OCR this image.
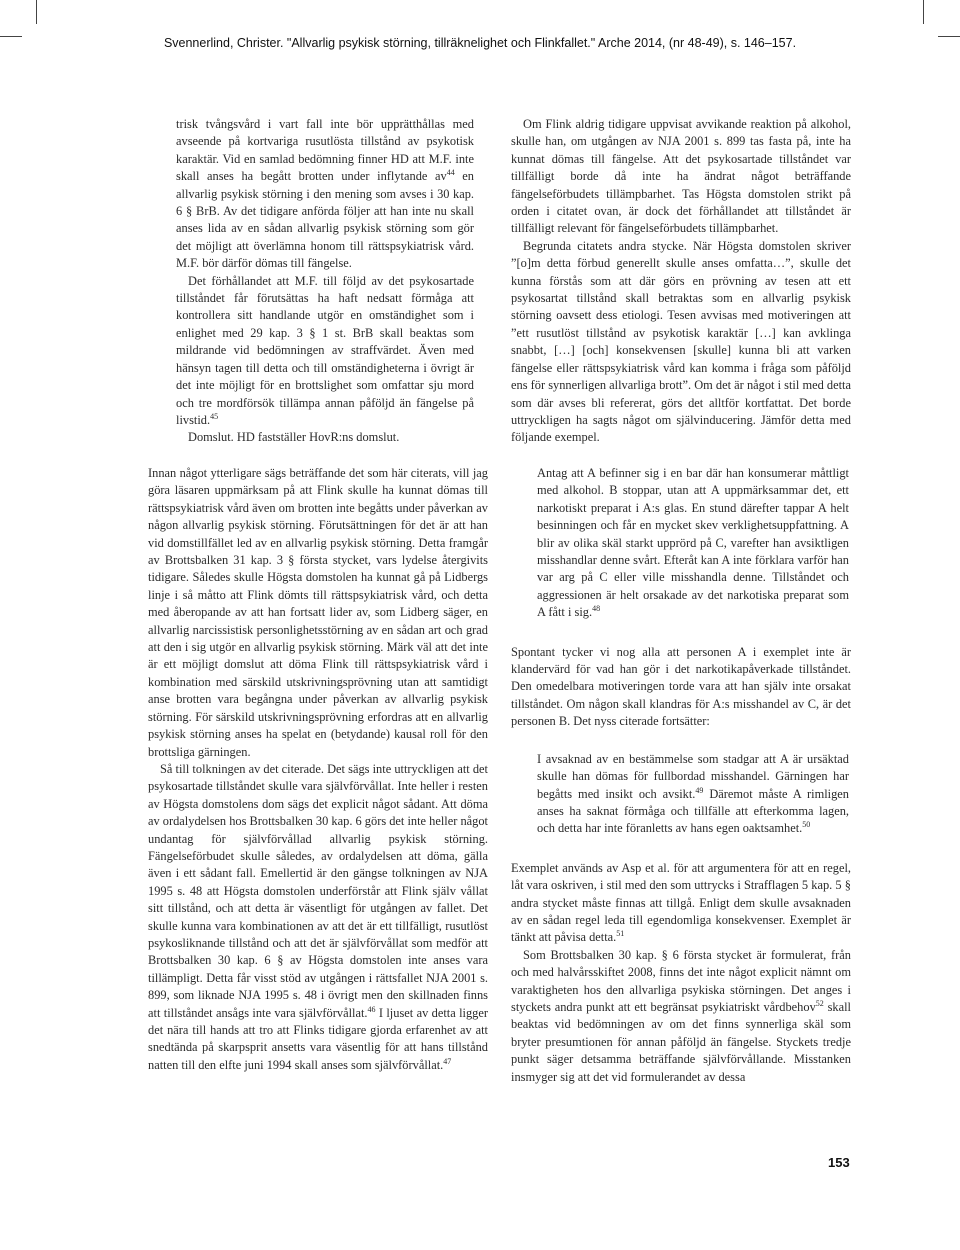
Svennerlind, Christer. "Allvarlig psykisk störning, tillräknelighet och Flinkfallet." Arche 2014, (nr 48-49), s. 146–157.

trisk tvångsvård i vart fall inte bör upprätthållas med avseende på kortvariga rusutlösta tillstånd av psykotisk karaktär. Vid en samlad bedömning finner HD att M.F. inte skall anses ha begått brotten under inflytande $av^{44}$ en allvarlig psykisk störning i den mening som avses i 30 kap. 6 § BrB. Av det tidigare anförda följer att han inte nu skall anses lida av en sådan allvarlig psykisk störning som gör det möjligt att överlämna honom till rättspsykiatrisk vård. M.F. bör därför dömas till fängelse.

Det förhållandet att M.F. till följd av det psykosartade tillståndet får förutsättas ha haft nedsatt förmåga att kontrollera sitt handlande utgör en omständighet som i enlighet med 29 kap. 3 § 1 st. BrB skall beaktas som mildrande vid bedömningen av straffvärdet. Även med hänsyn tagen till detta och till omständigheterna i övrigt är det inte möjligt för en brottslighet som omfattar sju mord och tre mordförsök tillämpa annan påföljd än fängelse på livstid.$^{45}$

Domslut. HD fastställer HovR:ns domslut.

Om Flink aldrig tidigare uppvisat avvikande reaktion på alkohol, skulle han, om utgången av NJA 2001 s. 899 tas fasta på, inte ha kunnat dömas till fängelse. Att det psykosartade tillståndet var tillfälligt borde då inte ha ändrat något beträffande fängelseförbudets tillämpbarhet. Tas Högsta domstolen strikt på orden i citatet ovan, är dock det förhållandet att tillståndet är tillfälligt relevant för fängelseförbudets tillämpbarhet.

Begrunda citatets andra stycke. När Högsta domstolen skriver ”[o]m detta förbud generellt skulle anses omfatta…”, skulle det kunna förstås som att där görs en prövning av tesen att ett psykosartat tillstånd skall betraktas som en allvarlig psykisk störning oavsett dess etiologi. Tesen avvisas med motiveringen att ”ett rusutlöst tillstånd av psykotisk karaktär […] kan avklinga snabbt, […] [och] konsekvensen [skulle] kunna bli att varken fängelse eller rättspsykiatrisk vård kan komma i fråga som påföljd ens för synnerligen allvarliga brott”. Om det är något i stil med detta som där avses bli refererat, görs det alltför kortfattat. Det borde uttryckligen ha sagts något om självinducering. Jämför detta med följande exempel.

Innan något ytterligare sägs beträffande det som här citerats, vill jag göra läsaren uppmärksam på att Flink skulle ha kunnat dömas till rättspsykiatrisk vård även om brotten inte begåtts under påverkan av någon allvarlig psykisk störning. Förutsättningen för det är att han vid domstillfället led av en allvarlig psykisk störning. Detta framgår av Brottsbalken 31 kap. 3 § första stycket, vars lydelse återgivits tidigare. Således skulle Högsta domstolen ha kunnat gå på Lidbergs linje i så måtto att Flink dömts till rättspsykiatrisk vård, och detta med åberopande av att han fortsatt lider av, som Lidberg säger, en allvarlig narcissistisk personlighetsstörning av en sådan art och grad att den i sig utgör en allvarlig psykisk störning. Märk väl att det inte är ett möjligt domslut att döma Flink till rättspsykiatrisk vård i kombination med särskild utskrivningsprövning utan att samtidigt anse brotten vara begångna under påverkan av allvarlig psykisk störning. För särskild utskrivningsprövning erfordras att en allvarlig psykisk störning anses ha spelat en (betydande) kausal roll för den brottsliga gärningen.

Så till tolkningen av det citerade. Det sägs inte uttryckligen att det psykosartade tillståndet skulle vara självförvållat. Inte heller i resten av Högsta domstolens dom sägs det explicit något sådant. Att döma av ordalydelsen hos Brottsbalken 30 kap. 6 görs det inte heller något undantag för självförvållad allvarlig psykisk störning. Fängelseförbudet skulle således, av ordalydelsen att döma, gälla även i ett sådant fall. Emellertid är den gängse tolkningen av NJA 1995 s. 48 att Högsta domstolen underförstår att Flink själv vållat sitt tillstånd, och att detta är väsentligt för utgången av fallet. Det skulle kunna vara kombinationen av att det är ett tillfälligt, rusutlöst psykosliknande tillstånd och att det är självförvållat som medför att Brottsbalken 30 kap. 6 § av Högsta domstolen inte anses vara tillämpligt. Detta får visst stöd av utgången i rättsfallet NJA 2001 s. 899, som liknade NJA 1995 s. 48 i övrigt men den skillnaden finns att tillståndet ansågs inte vara självförvållat.$^{46}$ I ljuset av detta ligger det nära till hands att tro att Flinks tidigare gjorda erfarenhet av att snedtända på skarpsprit ansetts vara väsentlig för att hans tillstånd natten till den elfte juni 1994 skall anses som självförvållat.$^{47}$

Antag att A befinner sig i en bar där han konsumerar måttligt med alkohol. B stoppar, utan att A uppmärksammar det, ett narkotiskt preparat i A:s glas. En stund därefter tappar A helt besinningen och får en mycket skev verklighetsuppfattning. A blir av olika skäl starkt upprörd på C, varefter han avsiktligen misshandlar denne svårt. Efteråt kan A inte förklara varför han var arg på C eller ville misshandla denne. Tillståndet och aggressionen är helt orsakade av det narkotiska preparat som A fått i sig.$^{48}$

Spontant tycker vi nog alla att personen A i exemplet inte är klandervärd för vad han gör i det narkotikapåverkade tillståndet. Den omedelbara motiveringen torde vara att han själv inte orsakat tillståndet. Om någon skall klandras för A:s misshandel av C, är det personen B. Det nyss citerade fortsätter:

I avsaknad av en bestämmelse som stadgar att A är ursäktad skulle han dömas för fullbordad misshandel. Gärningen har begåtts med insikt och avsikt.$^{49}$ Däremot måste A rimligen anses ha saknat förmåga och tillfälle att efterkomma lagen, och detta har inte föranletts av hans egen oaktsamhet.$^{50}$

Exemplet används av Asp et al. för att argumentera för att en regel, låt vara oskriven, i stil med den som uttrycks i Strafflagen 5 kap. 5 § andra stycket måste finnas att tillgå. Enligt dem skulle avsaknaden av en sådan regel leda till egendomliga konsekvenser. Exemplet är tänkt att påvisa detta.$^{51}$

Som Brottsbalken 30 kap. § 6 första stycket är formulerat, från och med halvårsskiftet 2008, finns det inte något explicit nämnt om varaktigheten hos den allvarliga psykiska störningen. Det anges i styckets andra punkt att ett begränsat psykiatriskt vårdbehov$^{52}$ skall beaktas vid bedömningen av om det finns synnerliga skäl som bryter presumtionen för annan påföljd än fängelse. Styckets tredje punkt säger detsamma beträffande självförvållande. Misstanken insmyger sig att det vid formulerandet av dessa

153
